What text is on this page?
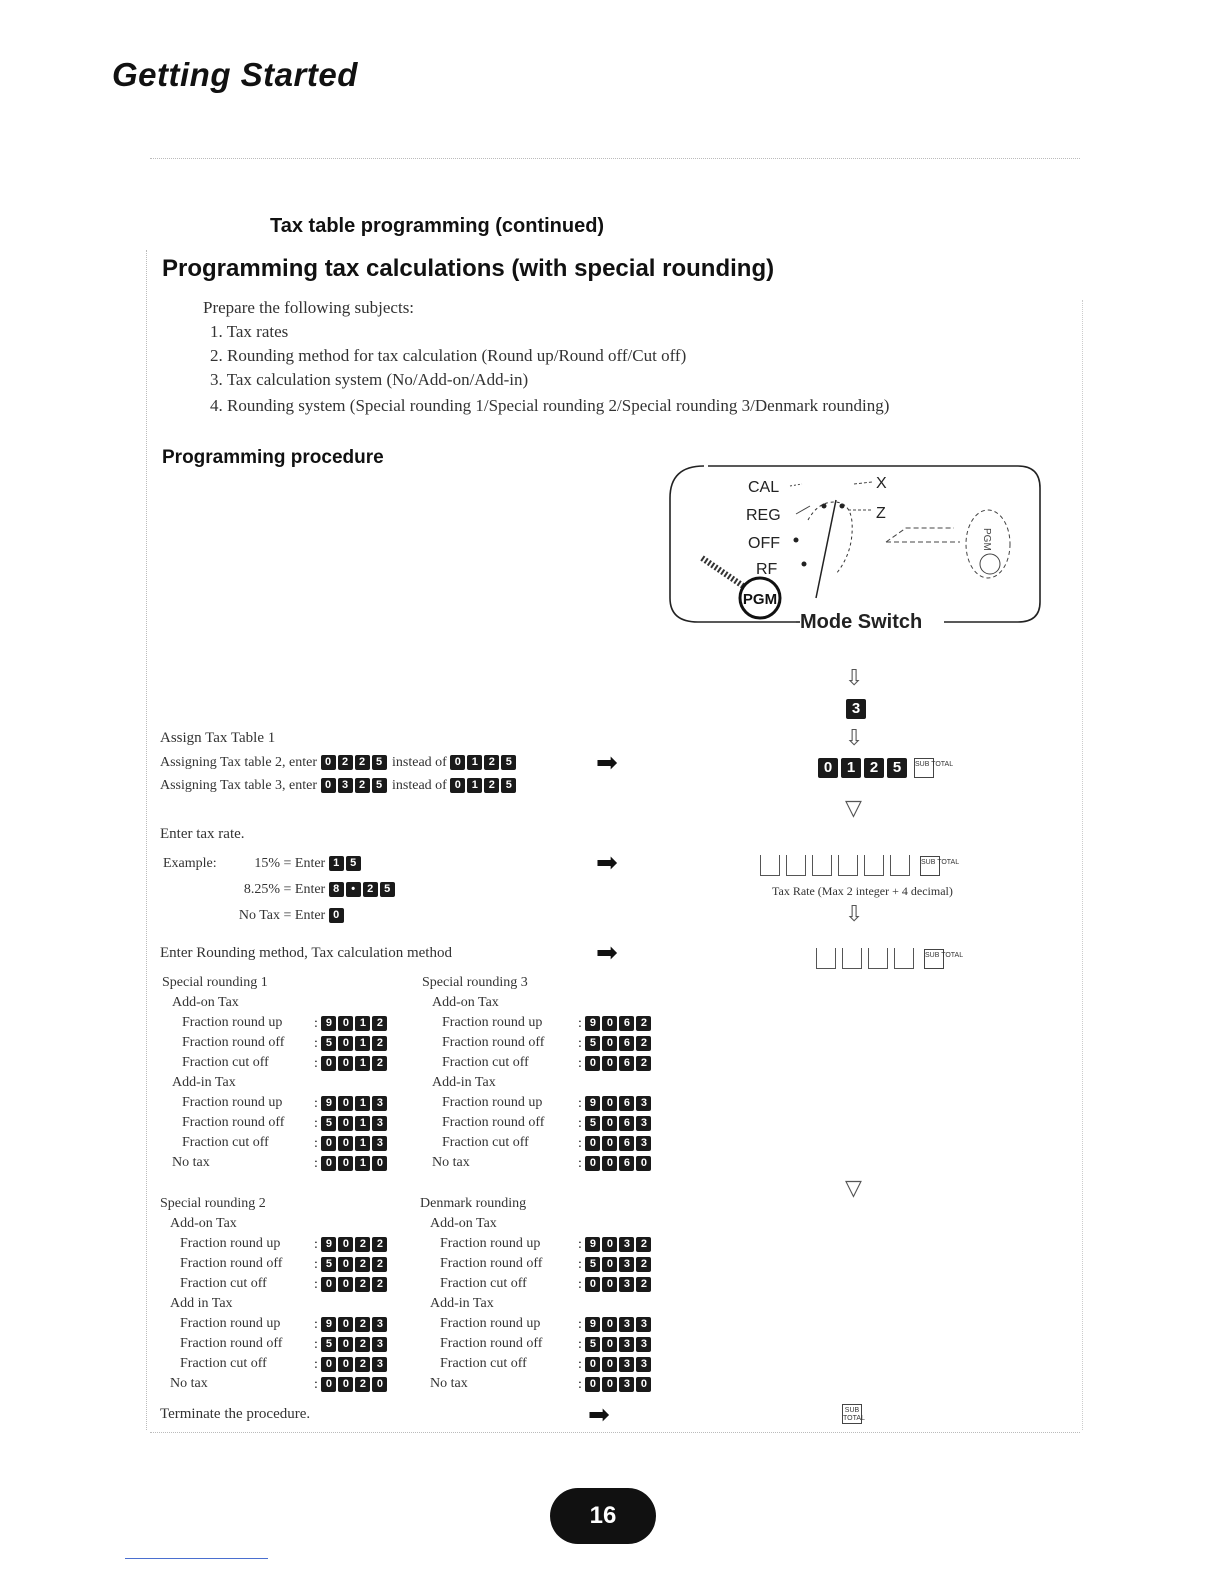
Getting Started
Tax table programming (continued)
Programming tax calculations (with special rounding)
Prepare the following subjects:
1. Tax rates
2. Rounding method for tax calculation (Round up/Round off/Cut off)
3. Tax calculation system (No/Add-on/Add-in)
4. Rounding system (Special rounding 1/Special rounding 2/Special rounding 3/Denmark rounding)
Programming procedure
CAL
REG
OFF
RF
X
Z
PGM
PGM
Mode Switch
⇩
3
⇩
Assign Tax Table 1
Assigning Tax table 2, enter 0 2 2 5 instead of 0 1 2 5
Assigning Tax table 3, enter 0 3 2 5 instead of 0 1 2 5
➡	0 1 2 5 SUB TOTAL
▽
Enter tax rate.
Example:	15% = Enter 1 5
8.25% = Enter 8 • 2 5
No Tax = Enter 0
➡	SUB TOTAL
Tax Rate (Max 2 integer + 4 decimal)
⇩
Enter Rounding method, Tax calculation method	➡	SUB TOTAL
Special rounding 1
Add-on Tax
Fraction round up : 9 0 1 2
Fraction round off : 5 0 1 2
Fraction cut off	: 0 0 1 2
Add-in Tax
Fraction round up : 9 0 1 3
Fraction round off : 5 0 1 3
Fraction cut off	: 0 0 1 3
No tax	: 0 0 1 0
Special rounding 3
Add-on Tax
Fraction round up	: 9 0 6 2
Fraction round off : 5 0 6 2
Fraction cut off	: 0 0 6 2
Add-in Tax
Fraction round up	: 9 0 6 3
Fraction round off : 5 0 6 3
Fraction cut off	: 0 0 6 3
No tax	: 0 0 6 0
Special rounding 2
Add-on Tax
Fraction round up : 9 0 2 2
Fraction round off : 5 0 2 2
Fraction cut off	: 0 0 2 2
Add in Tax
Fraction round up : 9 0 2 3
Fraction round off : 5 0 2 3
Fraction cut off	: 0 0 2 3
No tax	: 0 0 2 0
Denmark rounding
Add-on Tax
Fraction round up	: 9 0 3 2
Fraction round off	: 5 0 3 2
Fraction cut off	: 0 0 3 2
Add-in Tax
Fraction round up	: 9 0 3 3
Fraction round off	: 5 0 3 3
Fraction cut off	: 0 0 3 3
No tax	: 0 0 3 0
▽
Terminate the procedure.	➡	SUB TOTAL
16
